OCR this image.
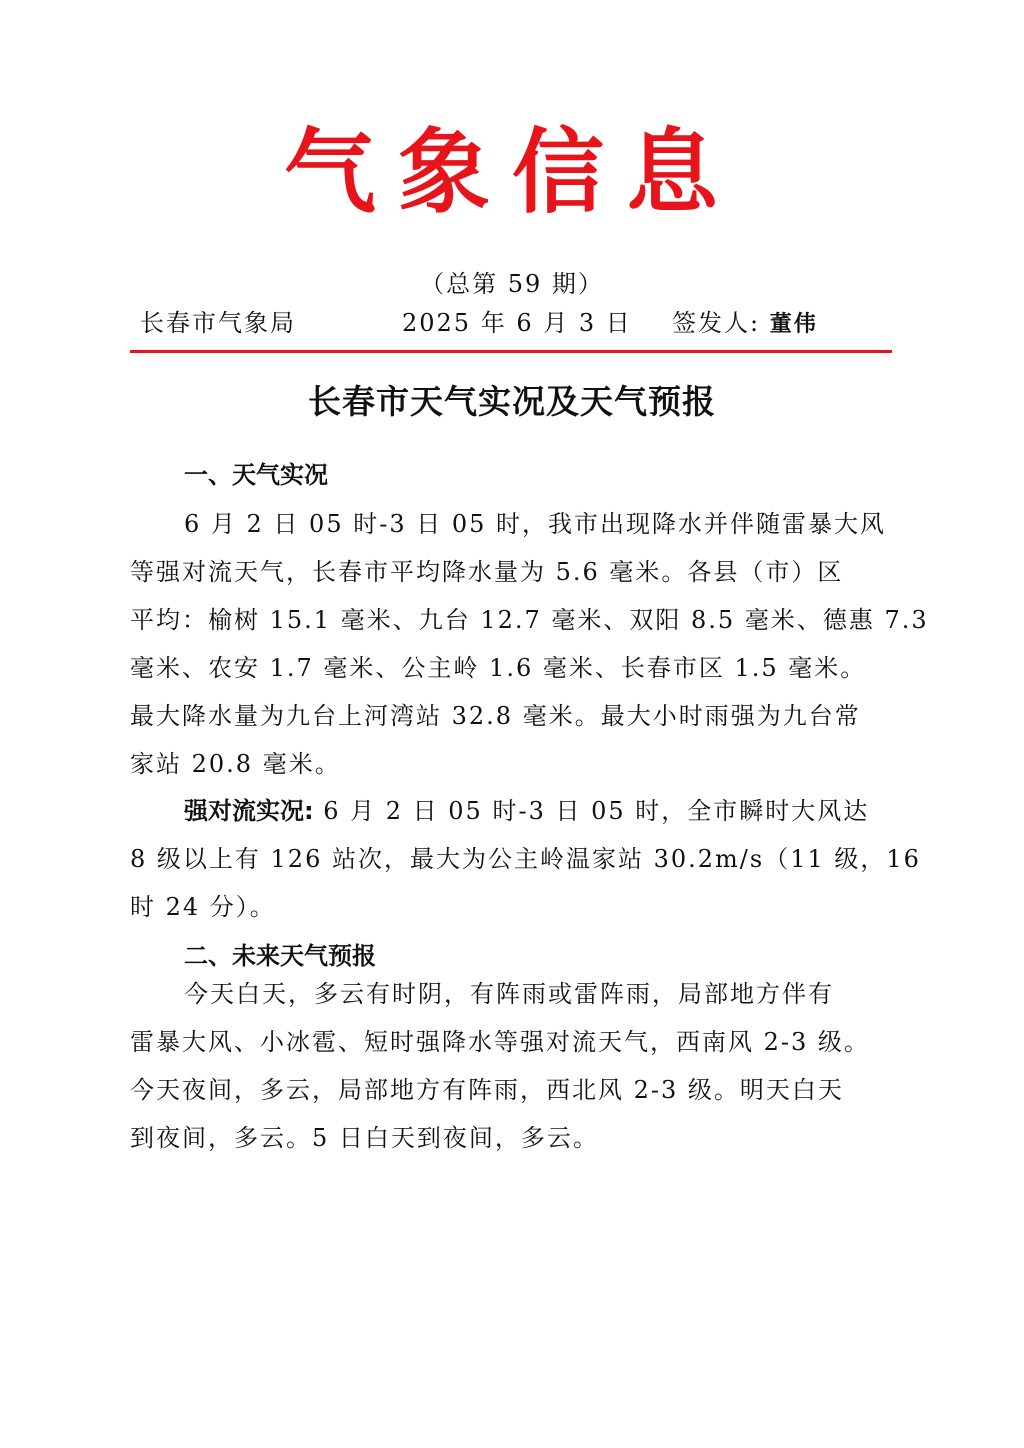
气象信息
（总第 59 期）
长春市气象局	2025 年 6 月 3 日 签发人: 董伟
长春市天气实况及天气预报
一、天气实况
6 月 2 日 05 时-3 日 05 时，我市出现降水并伴随雷暴大风
等强对流天气，长春市平均降水量为 5.6 毫米。各县（市）区
平均：榆树 15.1 毫米、九台 12.7 毫米、双阳 8.5 毫米、德惠 7.3
毫米、农安 1.7 毫米、公主岭 1.6 毫米、长春市区 1.5 毫米。
最大降水量为九台上河湾站 32.8 毫米。最大小时雨强为九台常
家站 20.8 毫米。
强对流实况: 6 月 2 日 05 时-3 日 05 时，全市瞬时大风达
8 级以上有 126 站次，最大为公主岭温家站 30.2m/s（11 级，16
时 24 分）。
二、未来天气预报
今天白天，多云有时阴，有阵雨或雷阵雨，局部地方伴有
雷暴大风、小冰雹、短时强降水等强对流天气，西南风 2-3 级。
今天夜间，多云，局部地方有阵雨，西北风 2-3 级。明天白天
到夜间，多云。5 日白天到夜间，多云。
